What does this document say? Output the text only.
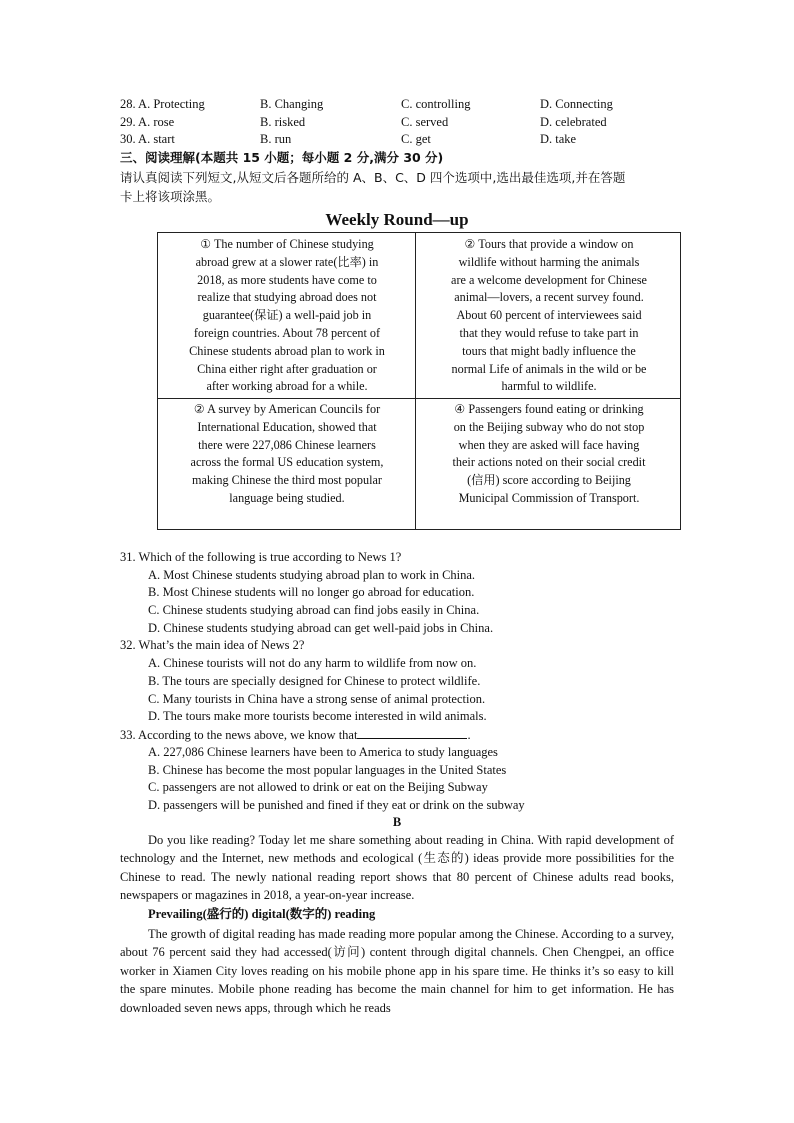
28. A. Protecting	B. Changing	C. controlling	D. Connecting
29. A. rose	B. risked	C. served	D. celebrated
30. A. start	B. run	C. get	D. take
三、阅读理解(本题共 15 小题；每小题 2 分,满分 30 分)
请认真阅读下列短文,从短文后各题所给的 A、B、C、D 四个选项中,选出最佳选项,并在答题
卡上将该项涂黑。
Weekly Round—up
① The number of Chinese studying
abroad grew at a slower rate(比率) in
2018, as more students have come to
realize that studying abroad does not
guarantee(保证) a well-paid job in
foreign countries. About 78 percent of
Chinese students abroad plan to work in
China either right after graduation or
after working abroad for a while.
② Tours that provide a window on
wildlife without harming the animals
are a welcome development for Chinese
animal—lovers, a recent survey found.
About 60 percent of interviewees said
that they would refuse to take part in
tours that might badly influence the
normal Life of animals in the wild or be
harmful to wildlife.
② A survey by American Councils for
International Education, showed that
there were 227,086 Chinese learners
across the formal US education system,
making Chinese the third most popular
language being studied.
④ Passengers found eating or drinking
on the Beijing subway who do not stop
when they are asked will face having
their actions noted on their social credit
(信用) score according to Beijing
Municipal Commission of Transport.
31. Which of the following is true according to News 1?
A. Most Chinese students studying abroad plan to work in China.
B. Most Chinese students will no longer go abroad for education.
C. Chinese students studying abroad can find jobs easily in China.
D. Chinese students studying abroad can get well-paid jobs in China.
32. What’s the main idea of News 2?
A. Chinese tourists will not do any harm to wildlife from now on.
B. The tours are specially designed for Chinese to protect wildlife.
C. Many tourists in China have a strong sense of animal protection.
D. The tours make more tourists become interested in wild animals.
33. According to the news above, we know that	.
A. 227,086 Chinese learners have been to America to study languages
B. Chinese has become the most popular languages in the United States
C. passengers are not allowed to drink or eat on the Beijing Subway
D. passengers will be punished and fined if they eat or drink on the subway
B
Do you like reading? Today let me share something about reading in China. With rapid development of technology and the Internet, new methods and ecological (生态的) ideas provide more possibilities for the Chinese to read. The newly national reading report shows that 80 percent of Chinese adults read books, newspapers or magazines in 2018, a year-on-year increase.
Prevailing(盛行的) digital(数字的) reading
The growth of digital reading has made reading more popular among the Chinese. According to a survey, about 76 percent said they had accessed(访问) content through digital channels. Chen Chengpei, an office worker in Xiamen City loves reading on his mobile phone app in his spare time. He thinks it’s so easy to kill the spare minutes. Mobile phone reading has become the main channel for him to get information. He has downloaded seven news apps, through which he reads
